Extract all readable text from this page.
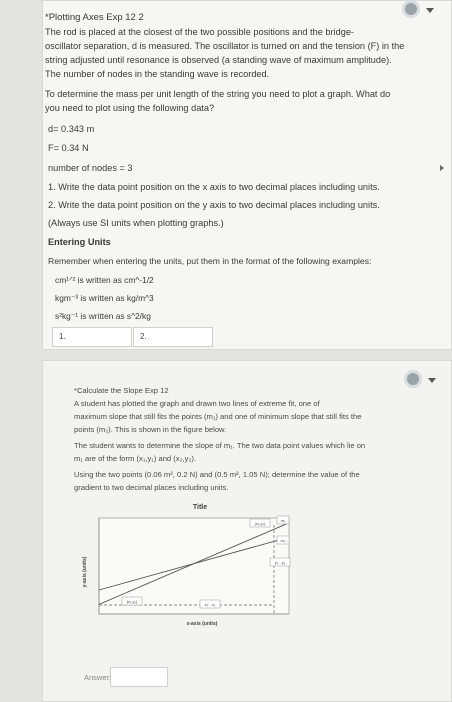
*Plotting Axes Exp 12 2
The rod is placed at the closest of the two possible positions and the bridge-
oscillator separation, d is measured. The oscillator is turned on and the tension (F) in the
string adjusted until resonance is observed (a standing wave of maximum amplitude).
The number of nodes in the standing wave is recorded.
To determine the mass per unit length of the string you need to plot a graph. What do
you need to plot using the following data?
d= 0.343 m
F= 0.34 N
number of nodes = 3
1. Write the data point position on the x axis to two decimal places including units.
2. Write the data point position on the y axis to two decimal places including units.
(Always use SI units when plotting graphs.)
Entering Units
Remember when entering the units, put them in the format of the following examples:
cm¹ᐟ² is written as cm^-1/2
kgm⁻³ is written as kg/m^3
s²kg⁻¹ is written as s^2/kg
1.	2.
*Calculate the Slope Exp 12
A student has plotted the graph and drawn two lines of extreme fit, one of
maximum slope that still fits the points (m₁) and one of minimum slope that still fits the
points (m₂). This is shown in the figure below.
The student wants to determine the slope of m₁. The two data point values which lie on
m₁ are of the form (x₁,y₁) and (x₂,y₂).
Using the two points (0.06 m², 0.2 N) and (0.5 m², 1.05 N); determine the value of the
gradient to two decimal places including units.
Title
y-axis (units)
x-axis (units)
(x₂,y₂)
m₁
m₂
(x₁,y₁)
y₂ - y₁
x₂ - x₁
Answer:
